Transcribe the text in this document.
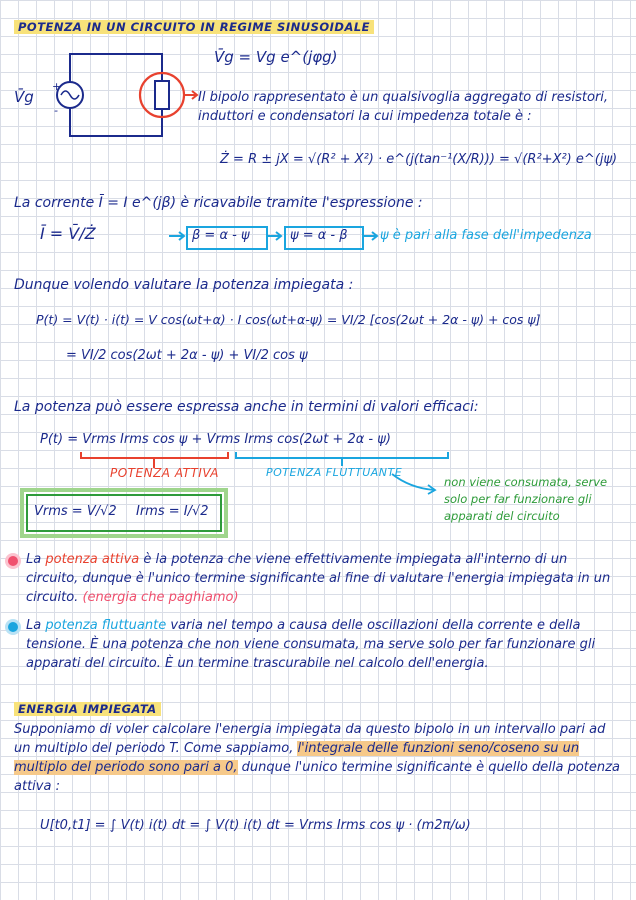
POTENZA IN UN CIRCUITO IN REGIME SINUSOIDALE
V̄g
+
-
V̄g = Vg e^(jφg)
Il bipolo rappresentato è un qualsivoglia aggregato di resistori, induttori e condensatori la cui impedenza totale è :
Ż = R ± jX = √(R² + X²) · e^(j(tan⁻¹(X/R))) = √(R²+X²) e^(jψ)
La corrente Ī = I e^(jβ) è ricavabile tramite l'espressione :
Ī = V̄/Ż	β = α - ψ	ψ = α - β ψ è pari alla fase dell'impedenza
Dunque volendo valutare la potenza impiegata :
P(t) = V(t) · i(t) = V cos(ωt+α) · I cos(ωt+α-ψ) = VI/2 [cos(2ωt + 2α - ψ) + cos ψ]
= VI/2 cos(2ωt + 2α - ψ) + VI/2 cos ψ
La potenza può essere espressa anche in termini di valori efficaci:
P(t) = Vrms Irms cos ψ + Vrms Irms cos(2ωt + 2α - ψ)
POTENZA ATTIVA	POTENZA FLUTTUANTE
non viene consumata, serve solo per far funzionare gli apparati del circuito
Vrms = V/√2 Irms = I/√2
La potenza attiva è la potenza che viene effettivamente impiegata all'interno di un circuito, dunque è l'unico termine significante al fine di valutare l'energia impiegata in un circuito. (energia che paghiamo)
La potenza fluttuante varia nel tempo a causa delle oscillazioni della corrente e della tensione. È una potenza che non viene consumata, ma serve solo per far funzionare gli apparati del circuito. È un termine trascurabile nel calcolo dell'energia.
ENERGIA IMPIEGATA
Supponiamo di voler calcolare l'energia impiegata da questo bipolo in un intervallo pari ad un multiplo del periodo T. Come sappiamo, l'integrale delle funzioni seno/coseno su un multiplo del periodo sono pari a 0, dunque l'unico termine significante è quello della potenza attiva :
U[t0,t1] = ∫ V(t) i(t) dt = ∫ V(t) i(t) dt = Vrms Irms cos ψ · (m2π/ω)
